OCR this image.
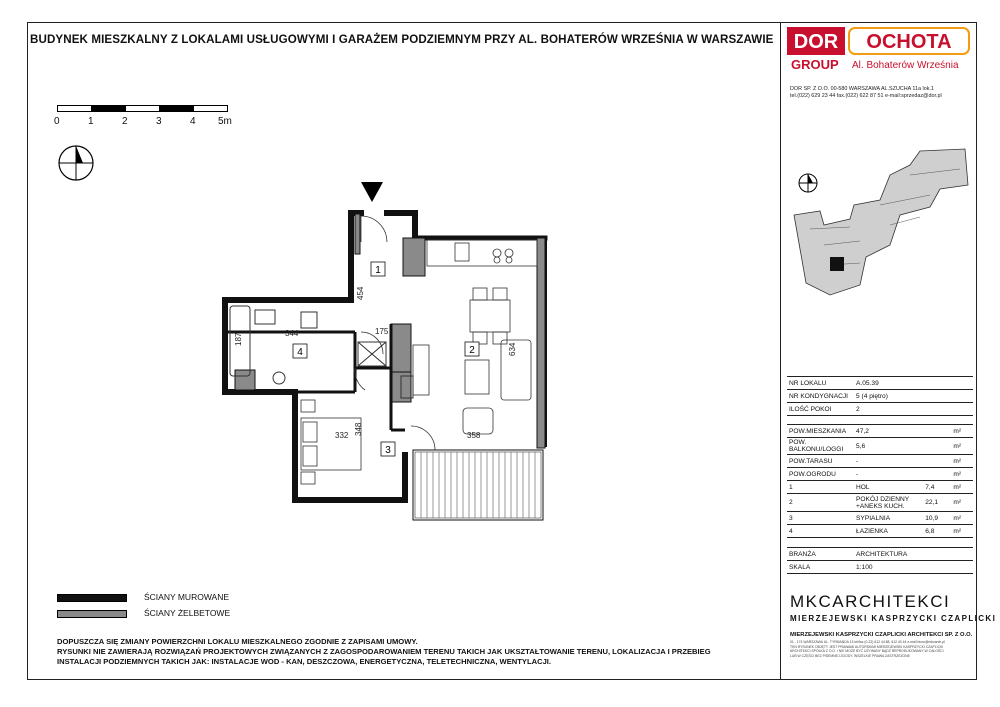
BUDYNEK MIESZKALNY Z LOKALAMI USŁUGOWYMI I GARAŻEM PODZIEMNYM PRZY AL. BOHATERÓW WRZEŚNIA W WARSZAWIE
0	1	2	3	4 5m
DOR OCHOTA
GROUP Al. Bohaterów Września
DOR SP. Z O.O. 00-580 WARSZAWA AL.SZUCHA 11a lok.1
tel.(022) 629 23 44 fax.(022) 622 87 51 e-mail:sprzedaz@dor.pl
1
2
3
4
454
344
187
175
634
332 348	358
NR LOKALU	A.05.39		
NR KONDYGNACJI	5 (4 piętro)		
ILOŚĆ POKOI	2		

POW.MIESZKANIA	47,2		m²
POW. BALKONU/LOGGI	5,6		m²
POW.TARASU	-		m²
POW.OGRODU	-		m²
1	HOL	7,4	m²
2	POKÓJ DZIENNY +ANEKS KUCH.	22,1	m²
3	SYPIALNIA	10,9	m²
4	ŁAZIENKA	6,8	m²

BRANŻA	ARCHITEKTURA		
SKALA	1:100		
MKCARCHITEKCI
MIERZEJEWSKI KASPRZYCKI CZAPLICKI
MIERZEJEWSKI KASPRZYCKI CZAPLICKI ARCHITEKCI SP. Z O.O.
01 - 174 WARSZAWA UL. TYRMANDA 13 tel/fax (0-22) 612 44 88, 612 40 44 e-mail biuro@mkcarch.pl
TEN RYSUNEK OBJĘTY JEST PRAWAMI AUTORSKIMI MIERZEJEWSKI KASPRZYCKI CZAPLICKI
ARCHITEKCI SPÓŁKA Z O.O. I NIE MOŻE BYĆ UŻYWANY BĄDŹ REPRODUKOWANY W CAŁOŚCI
LUB W CZĘŚCI BEZ PISEMNEJ ZGODY. WSZELKIE PRAWA ZASTRZEŻONE
ŚCIANY MUROWANE
ŚCIANY ŻELBETOWE
DOPUSZCZA SIĘ ZMIANY POWIERZCHNI LOKALU MIESZKALNEGO ZGODNIE Z ZAPISAMI UMOWY.
RYSUNKI NIE ZAWIERAJĄ ROZWIĄZAŃ PROJEKTOWYCH ZWIĄZANYCH Z ZAGOSPODAROWANIEM TERENU TAKICH JAK UKSZTAŁTOWANIE TERENU, LOKALIZACJA I PRZEBIEG
INSTALACJI PODZIEMNYCH TAKICH JAK: INSTALACJE WOD - KAN, DESZCZOWA, ENERGETYCZNA, TELETECHNICZNA, WENTYLACJI.
